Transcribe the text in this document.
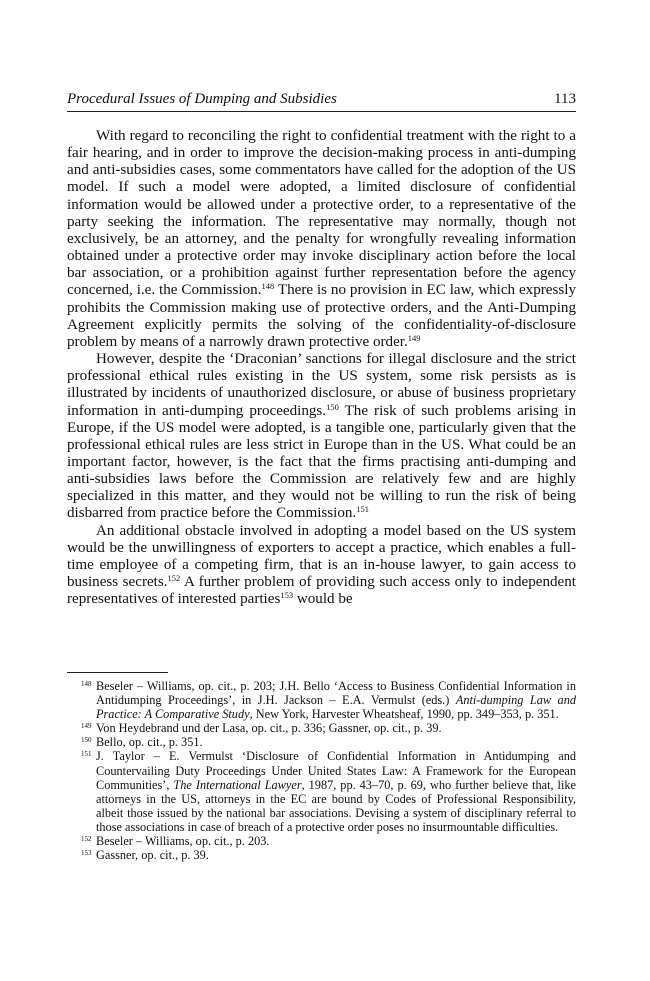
Procedural Issues of Dumping and Subsidies	113

With regard to reconciling the right to confidential treatment with the right to a fair hearing, and in order to improve the decision-making process in anti-dumping and anti-subsidies cases, some commentators have called for the adoption of the US model. If such a model were adopted, a limited disclosure of confidential information would be allowed under a protective order, to a representative of the party seeking the information. The representative may normally, though not exclusively, be an attorney, and the penalty for wrongfully revealing information obtained under a protective order may invoke disciplinary action before the local bar association, or a prohibition against further representation before the agency concerned, i.e. the Commission.$^{148}$ There is no provision in EC law, which expressly prohibits the Commission making use of protective orders, and the Anti-Dumping Agreement explicitly permits the solving of the confidentiality-of-disclosure problem by means of a narrowly drawn protective order.$^{149}$

However, despite the ‘Draconian’ sanctions for illegal disclosure and the strict professional ethical rules existing in the US system, some risk persists as is illustrated by incidents of unauthorized disclosure, or abuse of business proprietary information in anti-dumping proceedings.$^{150}$ The risk of such problems arising in Europe, if the US model were adopted, is a tangible one, particularly given that the professional ethical rules are less strict in Europe than in the US. What could be an important factor, however, is the fact that the firms practising anti-dumping and anti-subsidies laws before the Commission are relatively few and are highly specialized in this matter, and they would not be willing to run the risk of being disbarred from practice before the Commission.$^{151}$

An additional obstacle involved in adopting a model based on the US system would be the unwillingness of exporters to accept a practice, which enables a full-time employee of a competing firm, that is an in-house lawyer, to gain access to business secrets.$^{152}$ A further problem of providing such access only to independent representatives of interested parties$^{153}$ would be

$^{148}$ Beseler – Williams, op. cit., p. 203; J.H. Bello ‘Access to Business Confidential Information in Antidumping Proceedings’, in J.H. Jackson – E.A. Vermulst (eds.) Anti-dumping Law and Practice: A Comparative Study, New York, Harvester Wheatsheaf, 1990, pp. 349–353, p. 351.

$^{149}$ Von Heydebrand und der Lasa, op. cit., p. 336; Gassner, op. cit., p. 39.

$^{150}$ Bello, op. cit., p. 351.

$^{151}$ J. Taylor – E. Vermulst ‘Disclosure of Confidential Information in Antidumping and Countervailing Duty Proceedings Under United States Law: A Framework for the European Communities’, The International Lawyer, 1987, pp. 43–70, p. 69, who further believe that, like attorneys in the US, attorneys in the EC are bound by Codes of Professional Responsibility, albeit those issued by the national bar associations. Devising a system of disciplinary referral to those associations in case of breach of a protective order poses no insurmountable difficulties.

$^{152}$ Beseler – Williams, op. cit., p. 203.

$^{153}$ Gassner, op. cit., p. 39.
